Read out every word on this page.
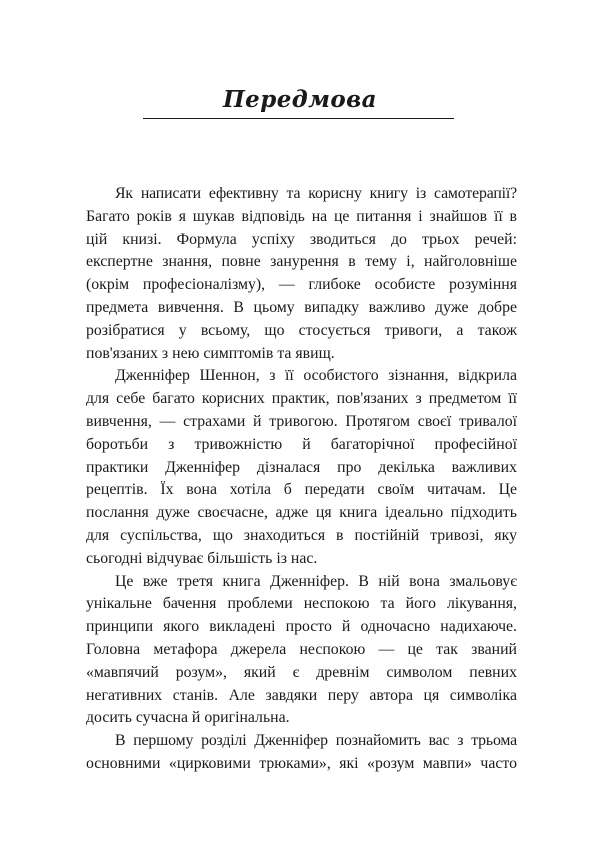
Передмова
Як написати ефективну та корисну книгу із самотерапії?
Багато років я шукав відповідь на це питання і знайшов її в
цій книзі. Формула успіху зводиться до трьох речей:
експертне знання, повне занурення в тему і, найголовніше
(окрім професіоналізму), — глибоке особисте розуміння
предмета вивчення. В цьому випадку важливо дуже добре
розібратися у всьому, що стосується тривоги, а також
пов'язаних з нею симптомів та явищ.
Дженніфер Шеннон, з її особистого зізнання, відкрила
для себе багато корисних практик, пов'язаних з предметом її
вивчення, — страхами й тривогою. Протягом своєї тривалої
боротьби з тривожністю й багаторічної професійної
практики Дженніфер дізналася про декілька важливих
рецептів. Їх вона хотіла б передати своїм читачам. Це
послання дуже своєчасне, адже ця книга ідеально підходить
для суспільства, що знаходиться в постійній тривозі, яку
сьогодні відчуває більшість із нас.
Це вже третя книга Дженніфер. В ній вона змальовує
унікальне бачення проблеми неспокою та його лікування,
принципи якого викладені просто й одночасно надихаюче.
Головна метафора джерела неспокою — це так званий
«мавпячий розум», який є древнім символом певних
негативних станів. Але завдяки перу автора ця символіка
досить сучасна й оригінальна.
В першому розділі Дженніфер познайомить вас з трьома
основними «цирковими трюками», які «розум мавпи» часто
